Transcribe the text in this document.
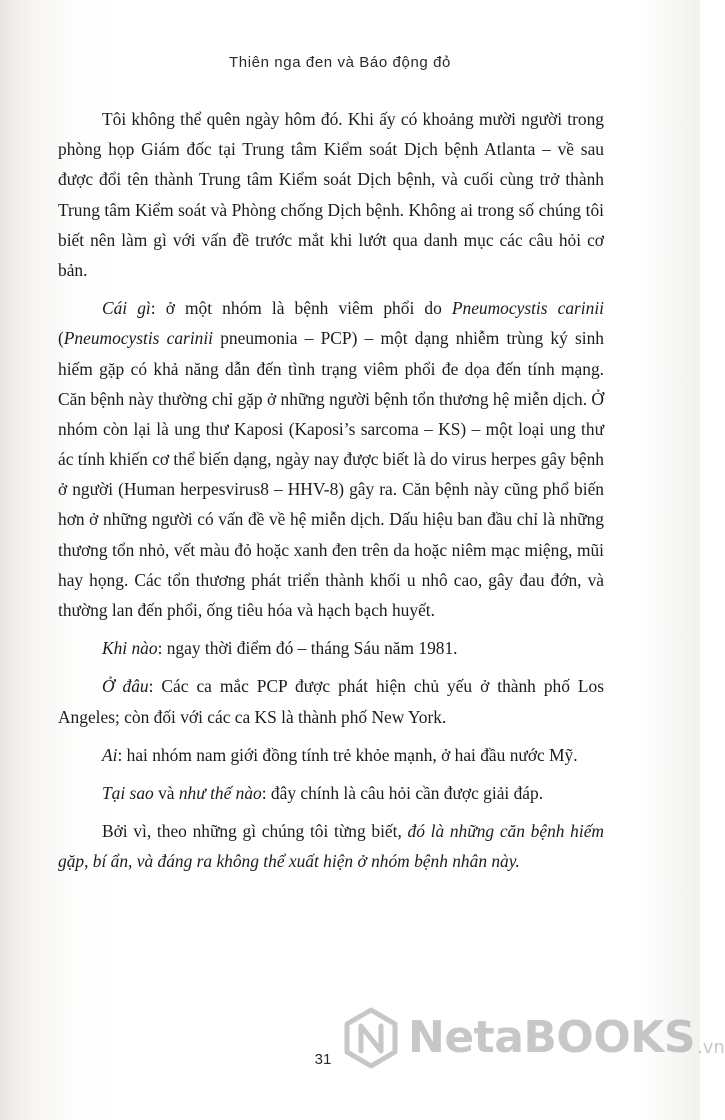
Thiên nga đen và Báo động đỏ

Tôi không thể quên ngày hôm đó. Khi ấy có khoảng mười người trong phòng họp Giám đốc tại Trung tâm Kiểm soát Dịch bệnh Atlanta – về sau được đổi tên thành Trung tâm Kiểm soát Dịch bệnh, và cuối cùng trở thành Trung tâm Kiểm soát và Phòng chống Dịch bệnh. Không ai trong số chúng tôi biết nên làm gì với vấn đề trước mắt khi lướt qua danh mục các câu hỏi cơ bản.

Cái gì: ở một nhóm là bệnh viêm phổi do Pneumocystis carinii (Pneumocystis carinii pneumonia – PCP) – một dạng nhiễm trùng ký sinh hiếm gặp có khả năng dẫn đến tình trạng viêm phổi đe dọa đến tính mạng. Căn bệnh này thường chỉ gặp ở những người bệnh tổn thương hệ miễn dịch. Ở nhóm còn lại là ung thư Kaposi (Kaposi’s sarcoma – KS) – một loại ung thư ác tính khiến cơ thể biến dạng, ngày nay được biết là do virus herpes gây bệnh ở người (Human herpesvirus8 – HHV-8) gây ra. Căn bệnh này cũng phổ biến hơn ở những người có vấn đề về hệ miễn dịch. Dấu hiệu ban đầu chỉ là những thương tổn nhỏ, vết màu đỏ hoặc xanh đen trên da hoặc niêm mạc miệng, mũi hay họng. Các tổn thương phát triển thành khối u nhô cao, gây đau đớn, và thường lan đến phổi, ống tiêu hóa và hạch bạch huyết.

Khi nào: ngay thời điểm đó – tháng Sáu năm 1981.

Ở đâu: Các ca mắc PCP được phát hiện chủ yếu ở thành phố Los Angeles; còn đối với các ca KS là thành phố New York.

Ai: hai nhóm nam giới đồng tính trẻ khỏe mạnh, ở hai đầu nước Mỹ.

Tại sao và như thế nào: đây chính là câu hỏi cần được giải đáp.

Bởi vì, theo những gì chúng tôi từng biết, đó là những căn bệnh hiếm gặp, bí ẩn, và đáng ra không thể xuất hiện ở nhóm bệnh nhân này.

31	NetaBOOKS .vn
